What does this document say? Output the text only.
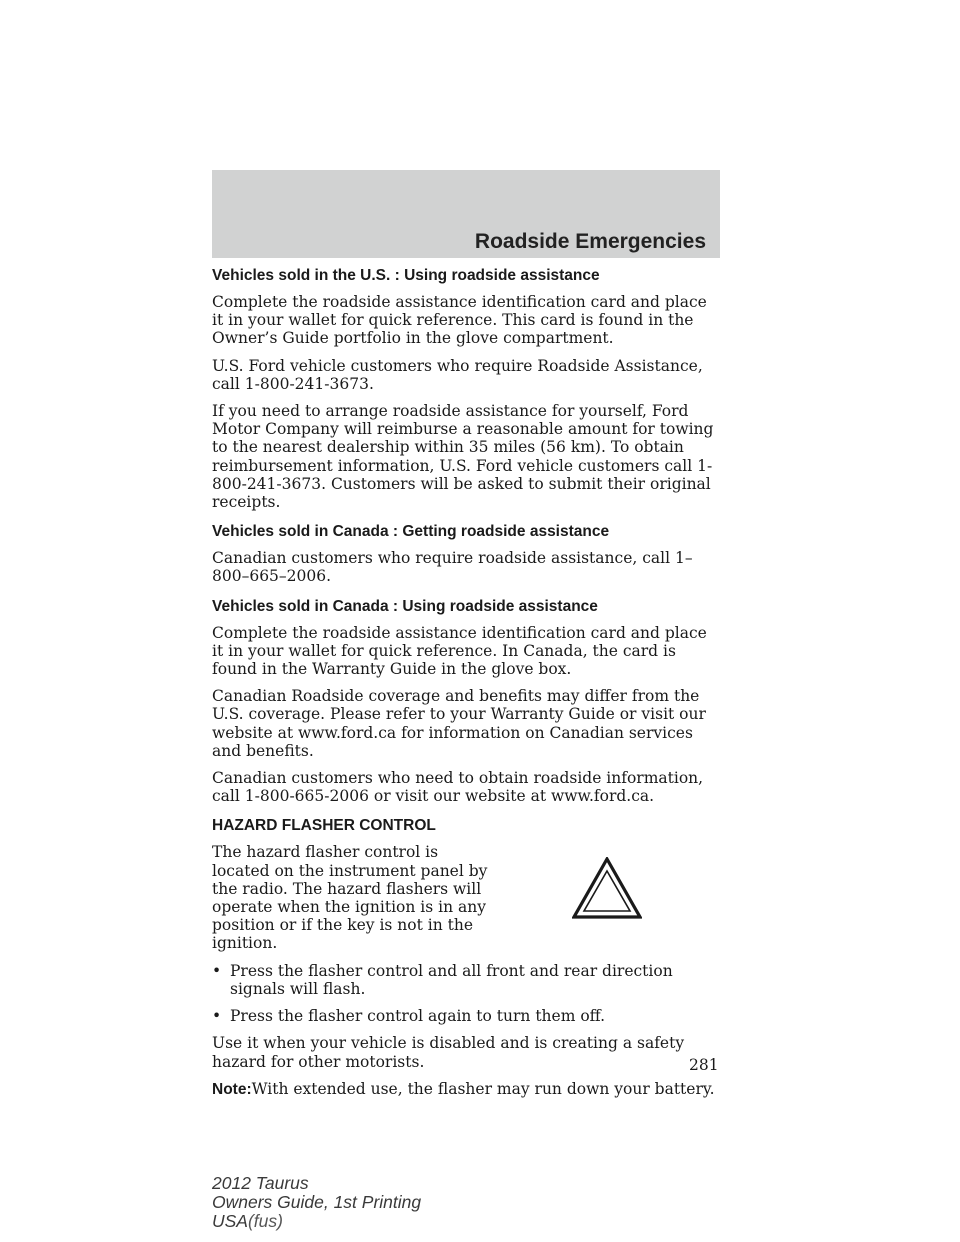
Roadside Emergencies
Vehicles sold in the U.S. : Using roadside assistance

Complete the roadside assistance identification card and place it in your wallet for quick reference. This card is found in the Owner’s Guide portfolio in the glove compartment.

U.S. Ford vehicle customers who require Roadside Assistance, call 1-800-241-3673.

If you need to arrange roadside assistance for yourself, Ford Motor Company will reimburse a reasonable amount for towing to the nearest dealership within 35 miles (56 km). To obtain reimbursement information, U.S. Ford vehicle customers call 1-800-241-3673. Customers will be asked to submit their original receipts.

Vehicles sold in Canada : Getting roadside assistance

Canadian customers who require roadside assistance, call 1–800–665–2006.

Vehicles sold in Canada : Using roadside assistance

Complete the roadside assistance identification card and place it in your wallet for quick reference. In Canada, the card is found in the Warranty Guide in the glove box.

Canadian Roadside coverage and benefits may differ from the U.S. coverage. Please refer to your Warranty Guide or visit our website at www.ford.ca for information on Canadian services and benefits.

Canadian customers who need to obtain roadside information, call 1-800-665-2006 or visit our website at www.ford.ca.

HAZARD FLASHER CONTROL

The hazard flasher control is located on the instrument panel by the radio. The hazard flashers will operate when the ignition is in any position or if the key is not in the ignition.

• Press the flasher control and all front and rear direction signals will flash.
• Press the flasher control again to turn them off.

Use it when your vehicle is disabled and is creating a safety hazard for other motorists.

Note:With extended use, the flasher may run down your battery.

281
2012 Taurus
Owners Guide, 1st Printing
USA(fus)
